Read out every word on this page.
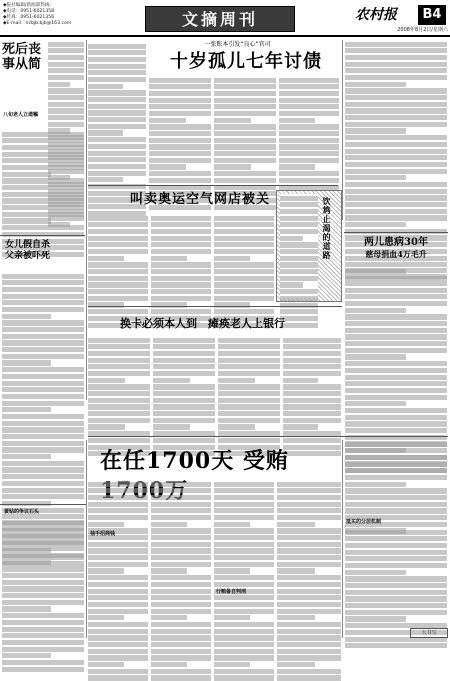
◆报社编辑/新闻部热线：
◆电话：0951-6021358
◆传真：0951-6021356
◆E-mail：ncbjb.bjb@163.com	文摘周刊	农村报	B4
2008年8月2日/星期六
死后丧事从简
八旬老人立遗嘱
女儿假自杀
父亲被吓死
一张账本引发“良心”官司
十岁孤儿七年讨债
叫卖奥运空气网店被关	饮鸩止渴的道路	两儿患病30年
慈母捐血4万毛升
换卡必须本人到　瘫痪老人上银行
在任1700天 受贿
黄钻的争议石头
抽手招商钱
行贿备自判刑
抵买的分居机制
大书写
